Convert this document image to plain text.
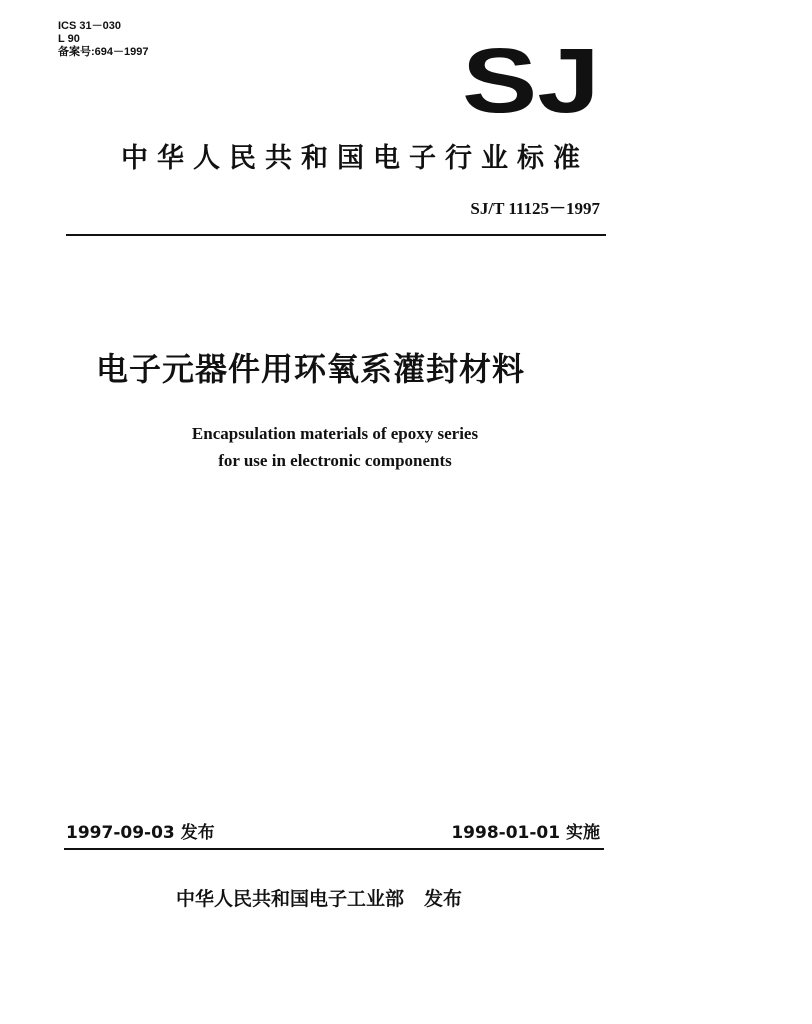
ICS 31－030
L 90
备案号:694－1997	SJ
中华人民共和国电子行业标准
SJ/T 11125－1997
电子元器件用环氧系灌封材料
Encapsulation materials of epoxy series
for use in electronic components
1997-09-03 发布	1998-01-01 实施
中华人民共和国电子工业部 发布
